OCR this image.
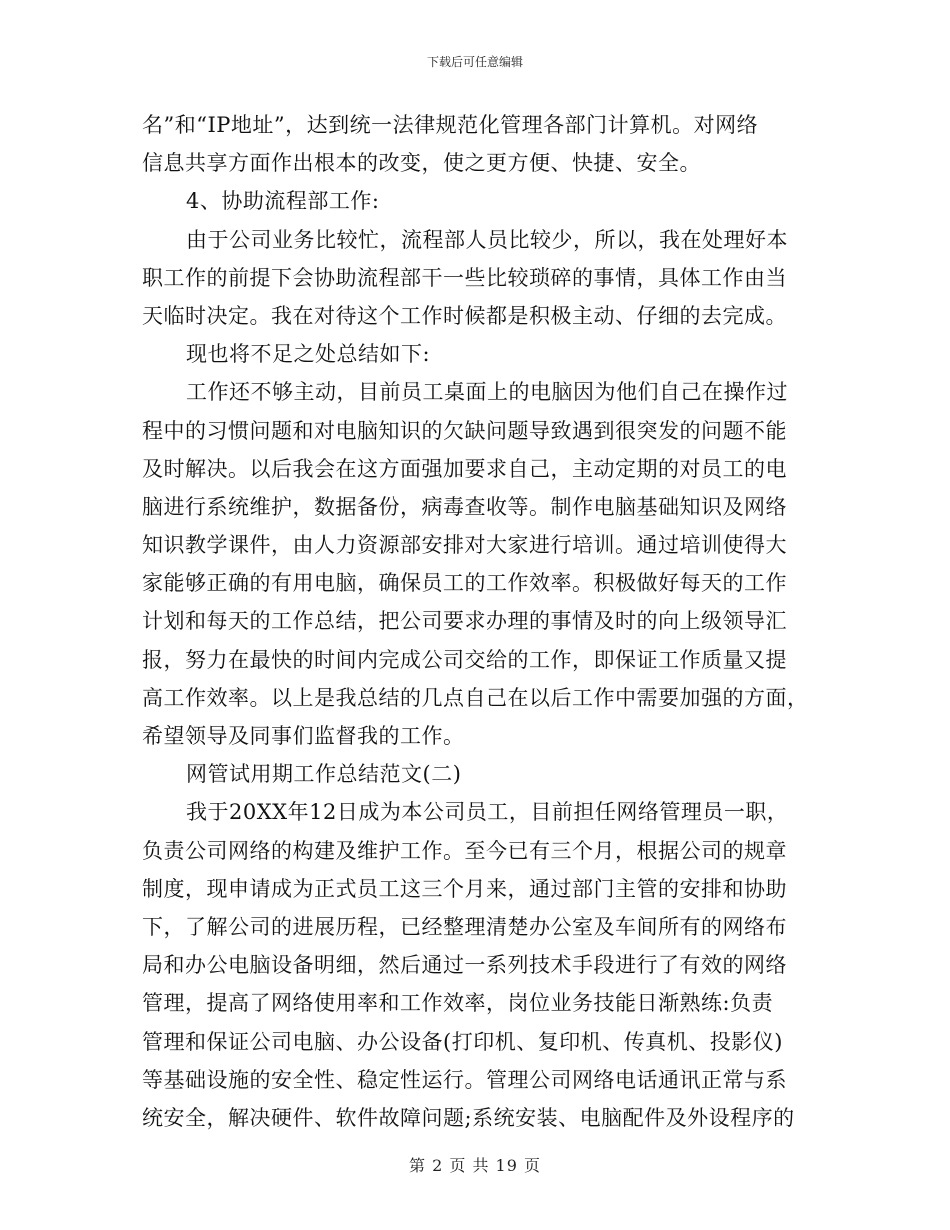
下载后可任意编辑
名”和“IP地址”，达到统一法律规范化管理各部门计算机。对网络
信息共享方面作出根本的改变，使之更方便、快捷、安全。
4、协助流程部工作:
由于公司业务比较忙，流程部人员比较少，所以，我在处理好本
职工作的前提下会协助流程部干一些比较琐碎的事情，具体工作由当
天临时决定。我在对待这个工作时候都是积极主动、仔细的去完成。
现也将不足之处总结如下:
工作还不够主动，目前员工桌面上的电脑因为他们自己在操作过
程中的习惯问题和对电脑知识的欠缺问题导致遇到很突发的问题不能
及时解决。以后我会在这方面强加要求自己，主动定期的对员工的电
脑进行系统维护，数据备份，病毒查收等。制作电脑基础知识及网络
知识教学课件，由人力资源部安排对大家进行培训。通过培训使得大
家能够正确的有用电脑，确保员工的工作效率。积极做好每天的工作
计划和每天的工作总结，把公司要求办理的事情及时的向上级领导汇
报，努力在最快的时间内完成公司交给的工作，即保证工作质量又提
高工作效率。以上是我总结的几点自己在以后工作中需要加强的方面，
希望领导及同事们监督我的工作。
网管试用期工作总结范文(二)
我于20XX年12日成为本公司员工，目前担任网络管理员一职，
负责公司网络的构建及维护工作。至今已有三个月，根据公司的规章
制度，现申请成为正式员工这三个月来，通过部门主管的安排和协助
下，了解公司的进展历程，已经整理清楚办公室及车间所有的网络布
局和办公电脑设备明细，然后通过一系列技术手段进行了有效的网络
管理，提高了网络使用率和工作效率，岗位业务技能日渐熟练:负责
管理和保证公司电脑、办公设备(打印机、复印机、传真机、投影仪)
等基础设施的安全性、稳定性运行。管理公司网络电话通讯正常与系
统安全，解决硬件、软件故障问题;系统安装、电脑配件及外设程序的
第 2 页 共 19 页
